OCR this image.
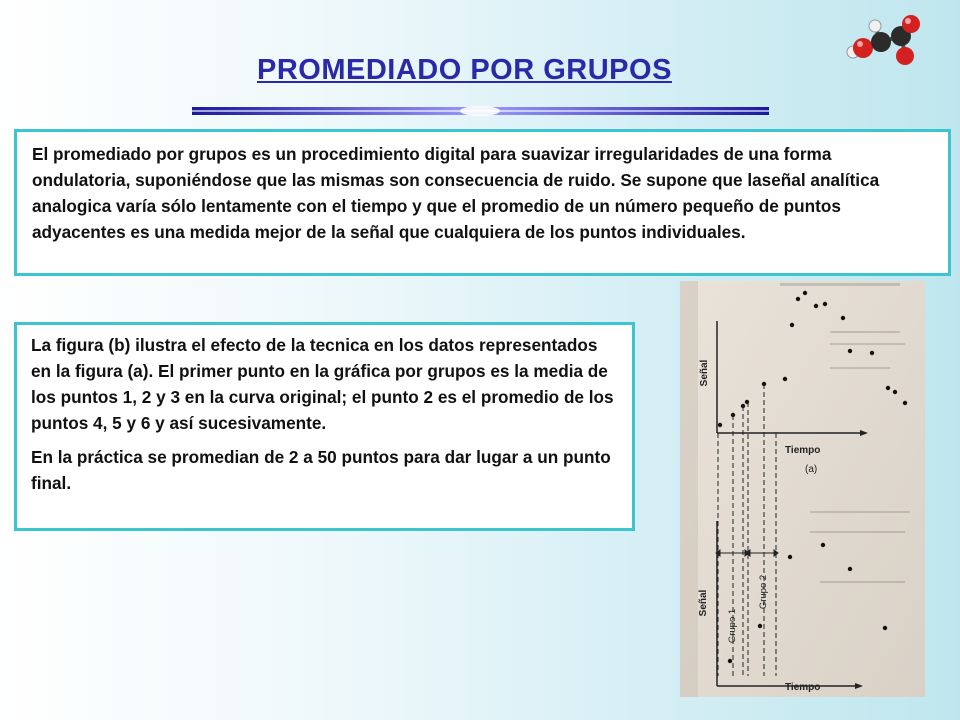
PROMEDIADO POR GRUPOS
El promediado por grupos es un procedimiento digital para suavizar irregularidades de una forma ondulatoria, suponiéndose que las mismas son consecuencia de ruido. Se supone que laseñal analítica analogica varía sólo lentamente con el tiempo y que el promedio de un número pequeño de puntos adyacentes es una medida mejor de la señal que cualquiera de los puntos individuales.

La figura (b) ilustra el efecto de la tecnica en los datos representados en la figura (a). El primer punto en la gráfica por grupos es la media de los puntos 1, 2 y 3 en la curva original; el punto 2 es el promedio de los puntos 4, 5 y 6 y así sucesivamente.

En la práctica se promedian de 2 a 50 puntos para dar lugar a un punto final.

Señal
Tiempo
(a)
Señal
Tiempo
Grupo 1
Grupo 2
